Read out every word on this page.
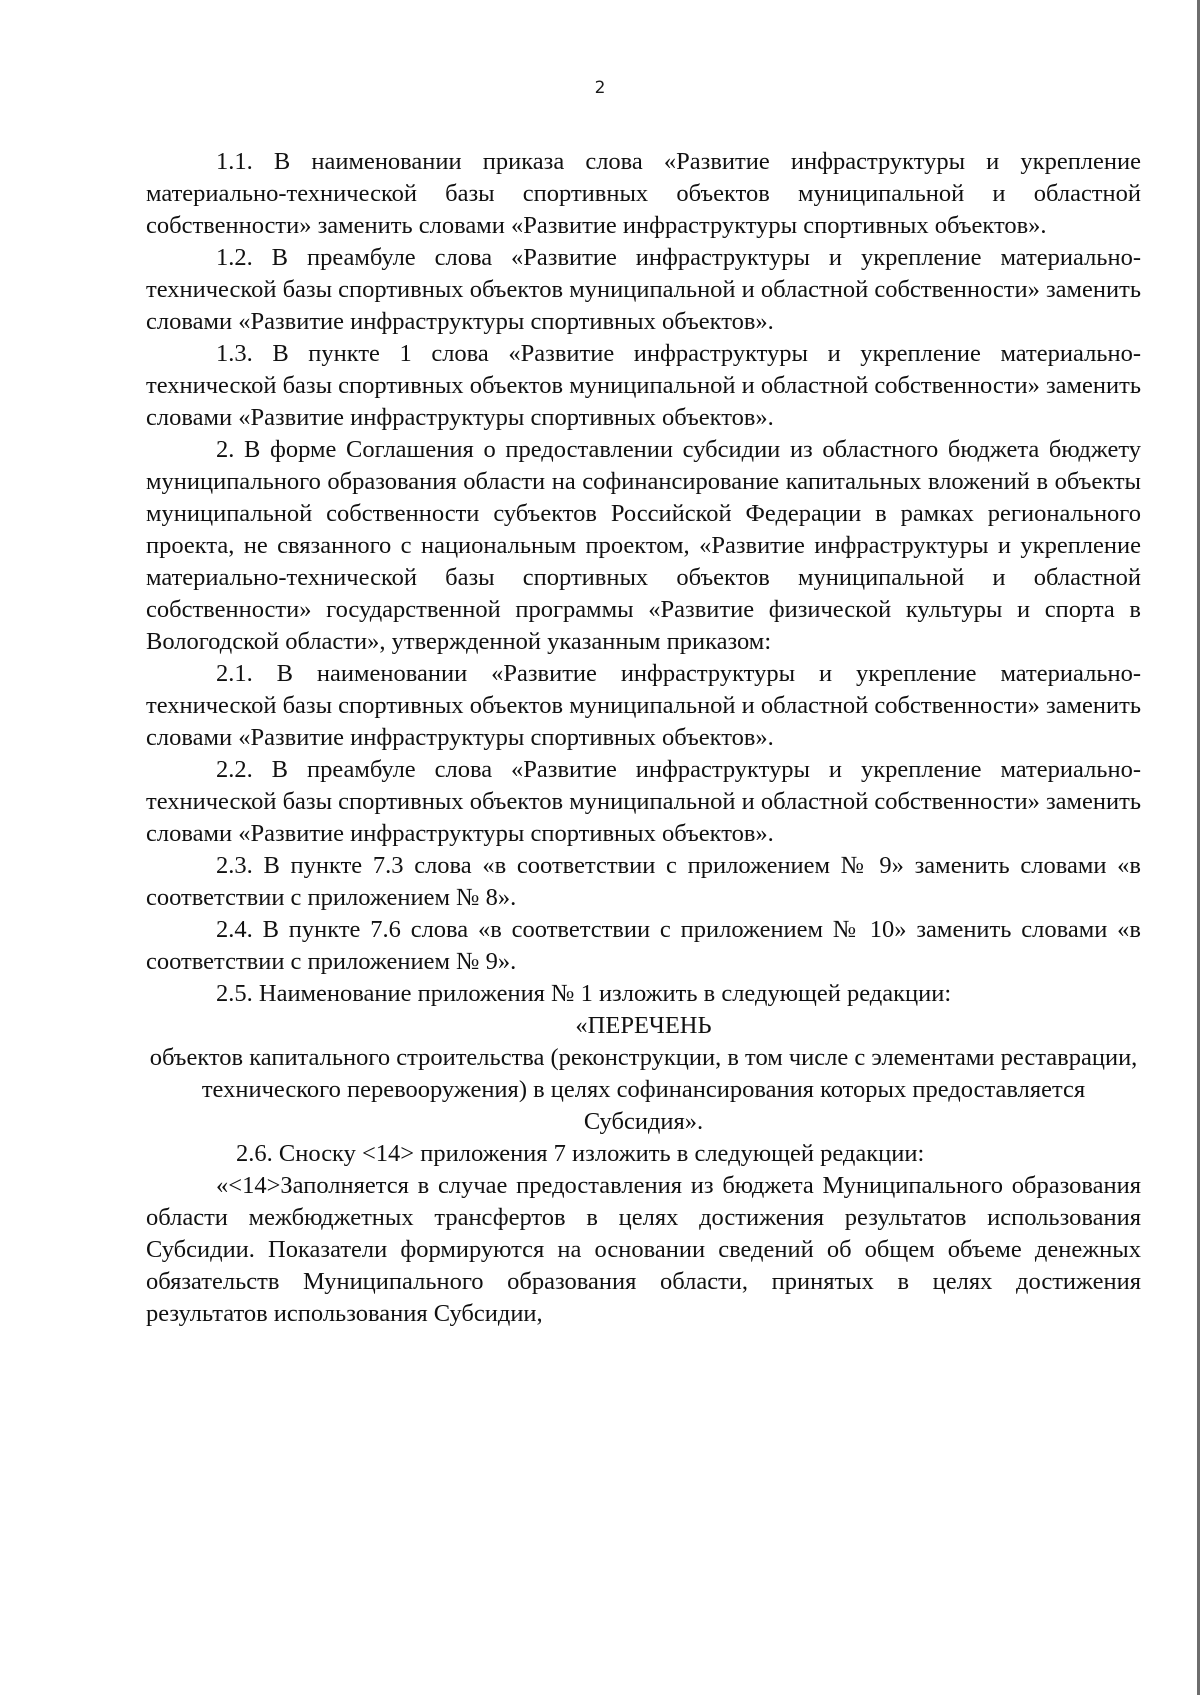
2

1.1. В наименовании приказа слова «Развитие инфраструктуры и укрепление материально-технической базы спортивных объектов муниципальной и областной собственности» заменить словами «Развитие инфраструктуры спортивных объектов».

1.2. В преамбуле слова «Развитие инфраструктуры и укрепление материально-технической базы спортивных объектов муниципальной и областной собственности» заменить словами «Развитие инфраструктуры спортивных объектов».

1.3. В пункте 1 слова «Развитие инфраструктуры и укрепление материально-технической базы спортивных объектов муниципальной и областной собственности» заменить словами «Развитие инфраструктуры спортивных объектов».

2. В форме Соглашения о предоставлении субсидии из областного бюджета бюджету муниципального образования области на софинансирование капитальных вложений в объекты муниципальной собственности субъектов Российской Федерации в рамках регионального проекта, не связанного с национальным проектом, «Развитие инфраструктуры и укрепление материально-технической базы спортивных объектов муниципальной и областной собственности» государственной программы «Развитие физической культуры и спорта в Вологодской области», утвержденной указанным приказом:

2.1. В наименовании «Развитие инфраструктуры и укрепление материально-технической базы спортивных объектов муниципальной и областной собственности» заменить словами «Развитие инфраструктуры спортивных объектов».

2.2. В преамбуле слова «Развитие инфраструктуры и укрепление материально-технической базы спортивных объектов муниципальной и областной собственности» заменить словами «Развитие инфраструктуры спортивных объектов».

2.3. В пункте 7.3 слова «в соответствии с приложением № 9» заменить словами «в соответствии с приложением № 8».

2.4. В пункте 7.6 слова «в соответствии с приложением № 10» заменить словами «в соответствии с приложением № 9».

2.5. Наименование приложения № 1 изложить в следующей редакции:

«ПЕРЕЧЕНЬ

объектов капитального строительства (реконструкции, в том числе с элементами реставрации, технического перевооружения) в целях софинансирования которых предоставляется Субсидия».

2.6. Сноску <14> приложения 7 изложить в следующей редакции:

«<14>Заполняется в случае предоставления из бюджета Муниципального образования области межбюджетных трансфертов в целях достижения результатов использования Субсидии. Показатели формируются на основании сведений об общем объеме денежных обязательств Муниципального образования области, принятых в целях достижения результатов использования Субсидии,
